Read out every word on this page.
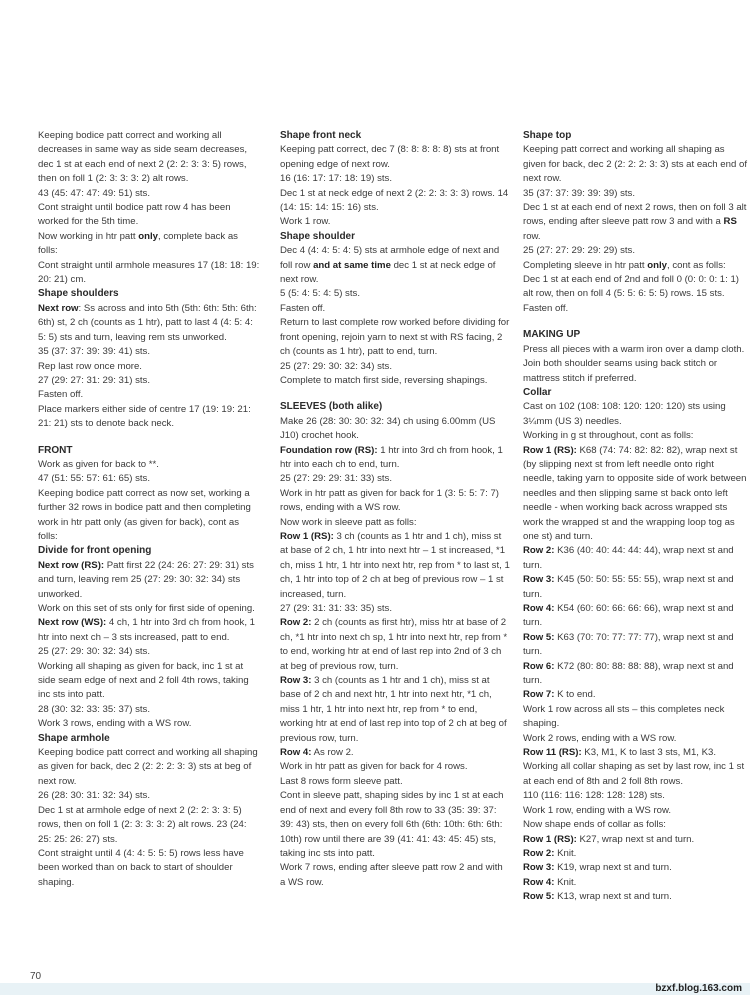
Keeping bodice patt correct and working all decreases in same way as side seam decreases, dec 1 st at each end of next 2 (2: 2: 3: 3: 5) rows, then on foll 1 (2: 3: 3: 3: 2) alt rows.
43 (45: 47: 47: 49: 51) sts.
Cont straight until bodice patt row 4 has been worked for the 5th time.
Now working in htr patt only, complete back as folls:
Cont straight until armhole measures 17 (18: 18: 19: 20: 21) cm.
Shape shoulders
Next row: Ss across and into 5th (5th: 6th: 5th: 6th: 6th) st, 2 ch (counts as 1 htr), patt to last 4 (4: 5: 4: 5: 5) sts and turn, leaving rem sts unworked.
35 (37: 37: 39: 39: 41) sts.
Rep last row once more.
27 (29: 27: 31: 29: 31) sts.
Fasten off.
Place markers either side of centre 17 (19: 19: 21: 21: 21) sts to denote back neck.
FRONT
Work as given for back to **.
47 (51: 55: 57: 61: 65) sts.
Keeping bodice patt correct as now set, working a further 32 rows in bodice patt and then completing work in htr patt only (as given for back), cont as folls:
Divide for front opening
Next row (RS): Patt first 22 (24: 26: 27: 29: 31) sts and turn, leaving rem 25 (27: 29: 30: 32: 34) sts unworked.
Work on this set of sts only for first side of opening.
Next row (WS): 4 ch, 1 htr into 3rd ch from hook, 1 htr into next ch – 3 sts increased, patt to end.
25 (27: 29: 30: 32: 34) sts.
Working all shaping as given for back, inc 1 st at side seam edge of next and 2 foll 4th rows, taking inc sts into patt.
28 (30: 32: 33: 35: 37) sts.
Work 3 rows, ending with a WS row.
Shape armhole
Keeping bodice patt correct and working all shaping as given for back, dec 2 (2: 2: 2: 3: 3) sts at beg of next row.
26 (28: 30: 31: 32: 34) sts.
Dec 1 st at armhole edge of next 2 (2: 2: 3: 3: 5) rows, then on foll 1 (2: 3: 3: 3: 2) alt rows. 23 (24: 25: 25: 26: 27) sts.
Cont straight until 4 (4: 4: 5: 5: 5) rows less have been worked than on back to start of shoulder shaping.
Shape front neck
Keeping patt correct, dec 7 (8: 8: 8: 8: 8) sts at front opening edge of next row.
16 (16: 17: 17: 18: 19) sts.
Dec 1 st at neck edge of next 2 (2: 2: 3: 3: 3) rows. 14 (14: 15: 14: 15: 16) sts.
Work 1 row.
Shape shoulder
Dec 4 (4: 4: 5: 4: 5) sts at armhole edge of next and foll row and at same time dec 1 st at neck edge of next row.
5 (5: 4: 5: 4: 5) sts.
Fasten off.
Return to last complete row worked before dividing for front opening, rejoin yarn to next st with RS facing, 2 ch (counts as 1 htr), patt to end, turn.
25 (27: 29: 30: 32: 34) sts.
Complete to match first side, reversing shapings.
SLEEVES (both alike)
Make 26 (28: 30: 30: 32: 34) ch using 6.00mm (US J10) crochet hook.
Foundation row (RS): 1 htr into 3rd ch from hook, 1 htr into each ch to end, turn.
25 (27: 29: 29: 31: 33) sts.
Work in htr patt as given for back for 1 (3: 5: 5: 7: 7) rows, ending with a WS row.
Now work in sleeve patt as folls:
Row 1 (RS): 3 ch (counts as 1 htr and 1 ch), miss st at base of 2 ch, 1 htr into next htr – 1 st increased, *1 ch, miss 1 htr, 1 htr into next htr, rep from * to last st, 1 ch, 1 htr into top of 2 ch at beg of previous row – 1 st increased, turn.
27 (29: 31: 31: 33: 35) sts.
Row 2: 2 ch (counts as first htr), miss htr at base of 2 ch, *1 htr into next ch sp, 1 htr into next htr, rep from * to end, working htr at end of last rep into 2nd of 3 ch at beg of previous row, turn.
Row 3: 3 ch (counts as 1 htr and 1 ch), miss st at base of 2 ch and next htr, 1 htr into next htr, *1 ch, miss 1 htr, 1 htr into next htr, rep from * to end, working htr at end of last rep into top of 2 ch at beg of previous row, turn.
Row 4: As row 2.
Work in htr patt as given for back for 4 rows.
Last 8 rows form sleeve patt.
Cont in sleeve patt, shaping sides by inc 1 st at each end of next and every foll 8th row to 33 (35: 39: 37: 39: 43) sts, then on every foll 6th (6th: 10th: 6th: 6th: 10th) row until there are 39 (41: 41: 43: 45: 45) sts, taking inc sts into patt.
Work 7 rows, ending after sleeve patt row 2 and with a WS row.
Shape top
Keeping patt correct and working all shaping as given for back, dec 2 (2: 2: 2: 3: 3) sts at each end of next row.
35 (37: 37: 39: 39: 39) sts.
Dec 1 st at each end of next 2 rows, then on foll 3 alt rows, ending after sleeve patt row 3 and with a RS row.
25 (27: 27: 29: 29: 29) sts.
Completing sleeve in htr patt only, cont as folls:
Dec 1 st at each end of 2nd and foll 0 (0: 0: 0: 1: 1) alt row, then on foll 4 (5: 5: 6: 5: 5) rows. 15 sts.
Fasten off.
MAKING UP
Press all pieces with a warm iron over a damp cloth.
Join both shoulder seams using back stitch or mattress stitch if preferred.
Collar
Cast on 102 (108: 108: 120: 120: 120) sts using 3¼mm (US 3) needles.
Working in g st throughout, cont as folls:
Row 1 (RS): K68 (74: 74: 82: 82: 82), wrap next st (by slipping next st from left needle onto right needle, taking yarn to opposite side of work between needles and then slipping same st back onto left needle - when working back across wrapped sts work the wrapped st and the wrapping loop tog as one st) and turn.
Row 2: K36 (40: 40: 44: 44: 44), wrap next st and turn.
Row 3: K45 (50: 50: 55: 55: 55), wrap next st and turn.
Row 4: K54 (60: 60: 66: 66: 66), wrap next st and turn.
Row 5: K63 (70: 70: 77: 77: 77), wrap next st and turn.
Row 6: K72 (80: 80: 88: 88: 88), wrap next st and turn.
Row 7: K to end.
Work 1 row across all sts – this completes neck shaping.
Work 2 rows, ending with a WS row.
Row 11 (RS): K3, M1, K to last 3 sts, M1, K3.
Working all collar shaping as set by last row, inc 1 st at each end of 8th and 2 foll 8th rows.
110 (116: 116: 128: 128: 128) sts.
Work 1 row, ending with a WS row.
Now shape ends of collar as folls:
Row 1 (RS): K27, wrap next st and turn.
Row 2: Knit.
Row 3: K19, wrap next st and turn.
Row 4: Knit.
Row 5: K13, wrap next st and turn.
70
bzxf.blog.163.com
